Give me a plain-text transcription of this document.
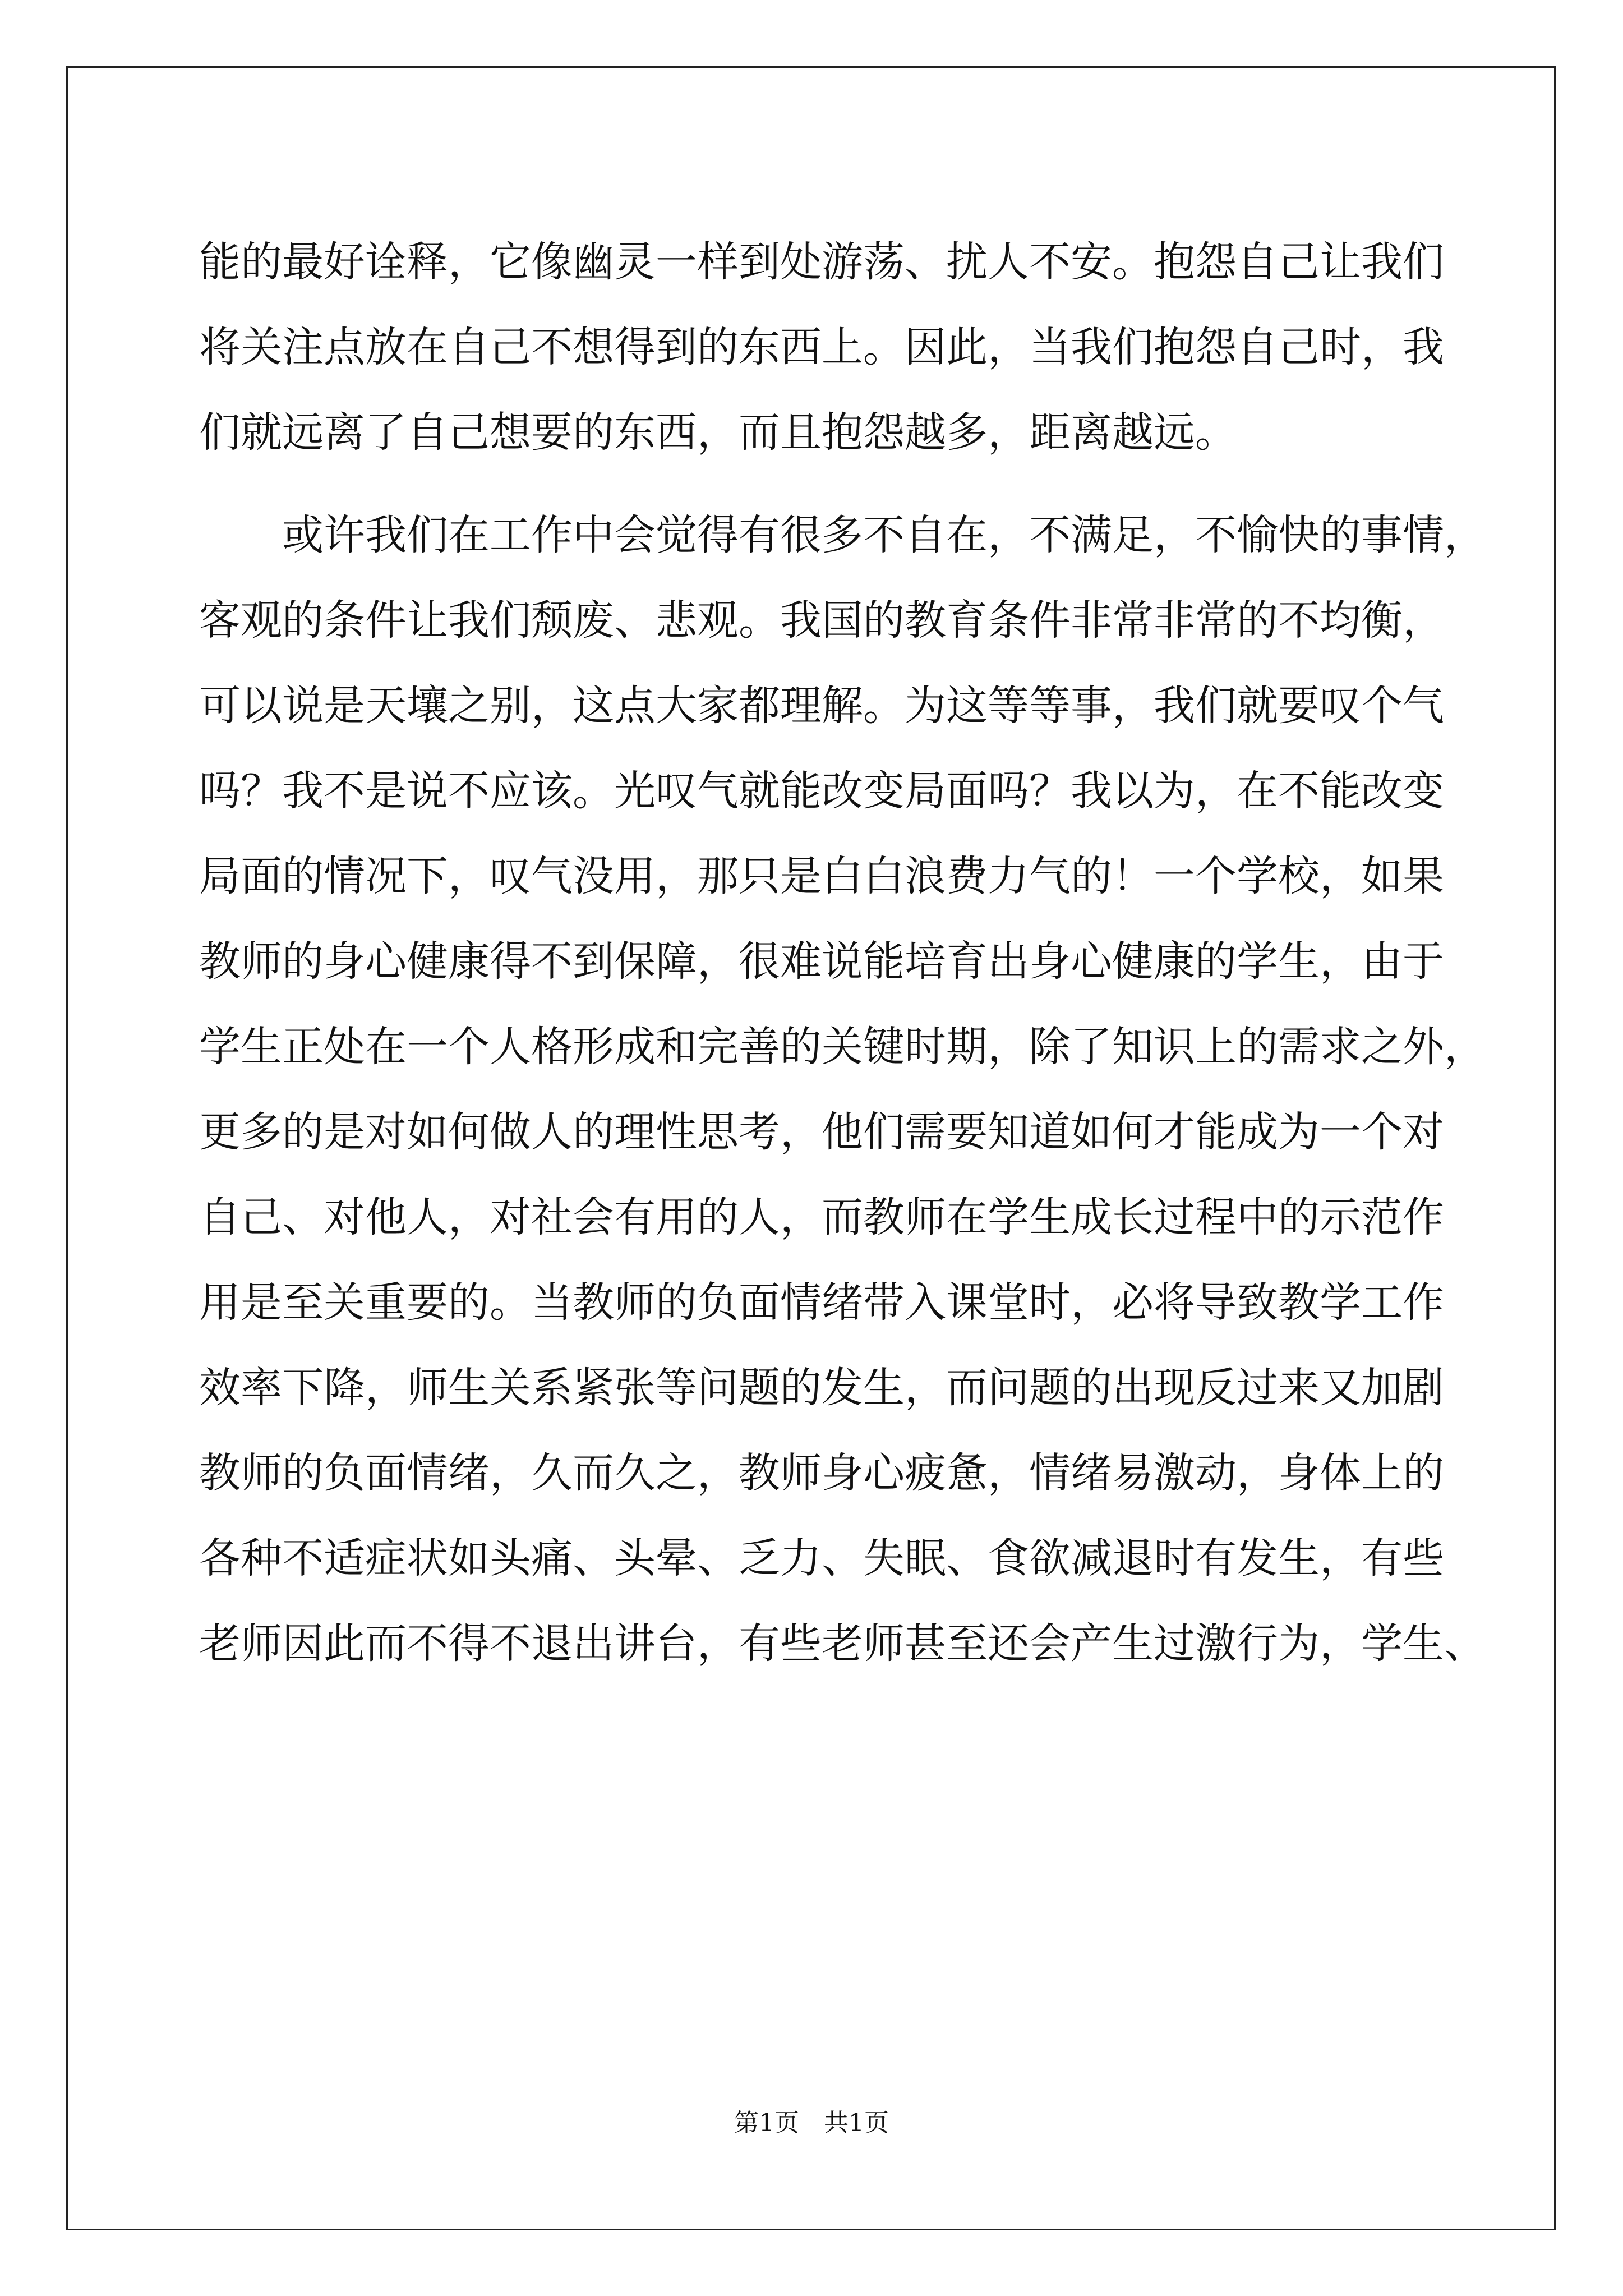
能的最好诠释，它像幽灵一样到处游荡、扰人不安。抱怨自己让我们
将关注点放在自己不想得到的东西上。因此，当我们抱怨自己时，我
们就远离了自己想要的东西，而且抱怨越多，距离越远。
或许我们在工作中会觉得有很多不自在，不满足，不愉快的事情，
客观的条件让我们颓废、悲观。我国的教育条件非常非常的不均衡，
可以说是天壤之别，这点大家都理解。为这等等事，我们就要叹个气
吗？我不是说不应该。光叹气就能改变局面吗？我以为，在不能改变
局面的情况下，叹气没用，那只是白白浪费力气的！一个学校，如果
教师的身心健康得不到保障，很难说能培育出身心健康的学生，由于
学生正处在一个人格形成和完善的关键时期，除了知识上的需求之外，
更多的是对如何做人的理性思考，他们需要知道如何才能成为一个对
自己、对他人，对社会有用的人，而教师在学生成长过程中的示范作
用是至关重要的。当教师的负面情绪带入课堂时，必将导致教学工作
效率下降，师生关系紧张等问题的发生，而问题的出现反过来又加剧
教师的负面情绪，久而久之，教师身心疲惫，情绪易激动，身体上的
各种不适症状如头痛、头晕、乏力、失眠、食欲减退时有发生，有些
老师因此而不得不退出讲台，有些老师甚至还会产生过激行为，学生、
第1页　共1页
